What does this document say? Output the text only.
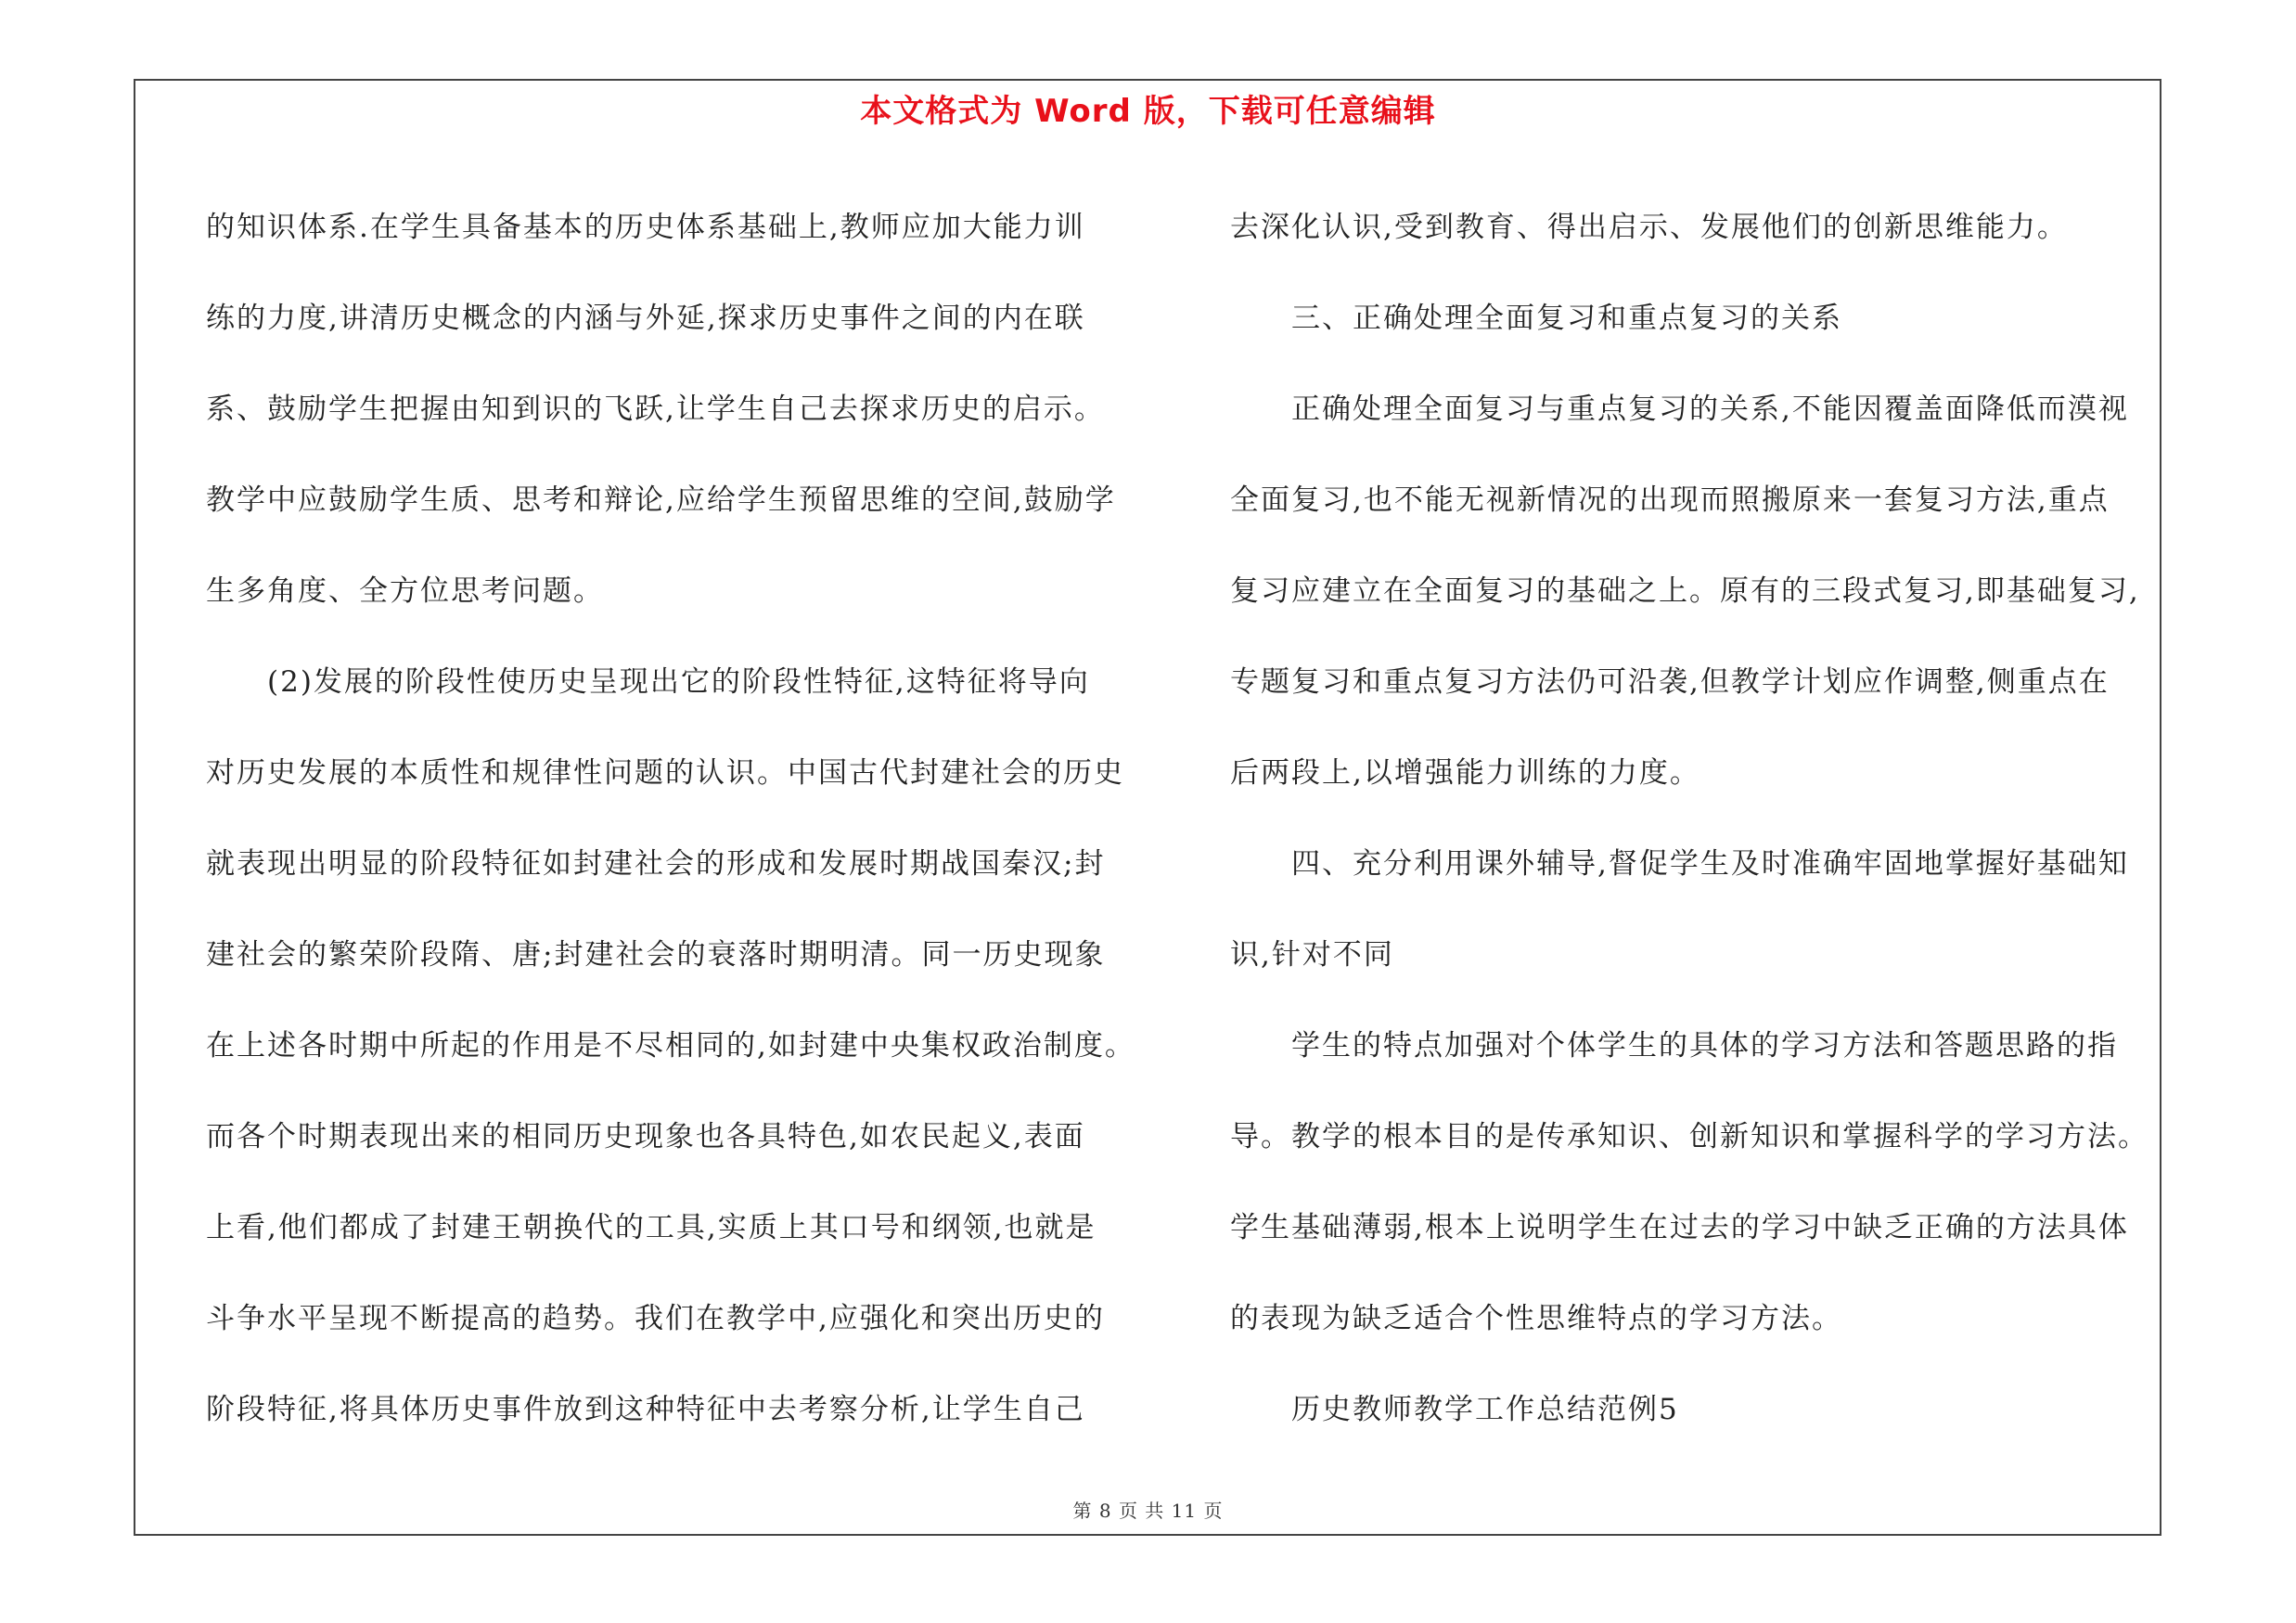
本文格式为 Word 版，下载可任意编辑
的知识体系.在学生具备基本的历史体系基础上,教师应加大能力训
练的力度,讲清历史概念的内涵与外延,探求历史事件之间的内在联
系、鼓励学生把握由知到识的飞跃,让学生自己去探求历史的启示。
教学中应鼓励学生质、思考和辩论,应给学生预留思维的空间,鼓励学
生多角度、全方位思考问题。
　　(2)发展的阶段性使历史呈现出它的阶段性特征,这特征将导向
对历史发展的本质性和规律性问题的认识。中国古代封建社会的历史
就表现出明显的阶段特征如封建社会的形成和发展时期战国秦汉;封
建社会的繁荣阶段隋、唐;封建社会的衰落时期明清。同一历史现象
在上述各时期中所起的作用是不尽相同的,如封建中央集权政治制度。
而各个时期表现出来的相同历史现象也各具特色,如农民起义,表面
上看,他们都成了封建王朝换代的工具,实质上其口号和纲领,也就是
斗争水平呈现不断提高的趋势。我们在教学中,应强化和突出历史的
阶段特征,将具体历史事件放到这种特征中去考察分析,让学生自己
去深化认识,受到教育、得出启示、发展他们的创新思维能力。
　　三、正确处理全面复习和重点复习的关系
　　正确处理全面复习与重点复习的关系,不能因覆盖面降低而漠视
全面复习,也不能无视新情况的出现而照搬原来一套复习方法,重点
复习应建立在全面复习的基础之上。原有的三段式复习,即基础复习,
专题复习和重点复习方法仍可沿袭,但教学计划应作调整,侧重点在
后两段上,以增强能力训练的力度。
　　四、充分利用课外辅导,督促学生及时准确牢固地掌握好基础知
识,针对不同
　　学生的特点加强对个体学生的具体的学习方法和答题思路的指
导。教学的根本目的是传承知识、创新知识和掌握科学的学习方法。
学生基础薄弱,根本上说明学生在过去的学习中缺乏正确的方法具体
的表现为缺乏适合个性思维特点的学习方法。
　　历史教师教学工作总结范例5
第 8 页 共 11 页
